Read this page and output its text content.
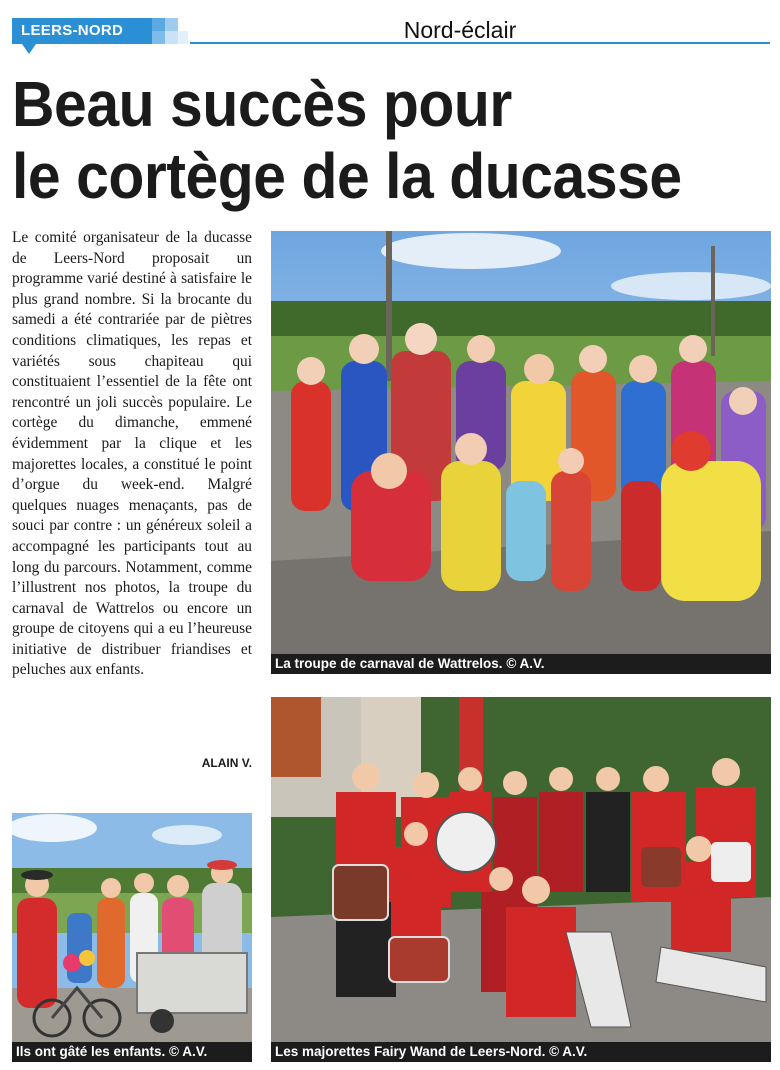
LEERS-NORD	Nord-éclair
Beau succès pour
le cortège de la ducasse

Le comité organisateur de la ducasse de Leers-Nord proposait un programme varié destiné à satisfaire le plus grand nombre. Si la brocante du samedi a été contrariée par de piètres conditions climatiques, les repas et variétés sous chapiteau qui constituaient l’essentiel de la fête ont rencontré un joli succès populaire. Le cortège du dimanche, emmené évidemment par la clique et les majorettes locales, a constitué le point d’orgue du week-end. Malgré quelques nuages menaçants, pas de souci par contre : un généreux soleil a accompagné les participants tout au long du parcours. Notamment, comme l’illustrent nos photos, la troupe du carnaval de Wattrelos ou encore un groupe de citoyens qui a eu l’heureuse initiative de distribuer friandises et peluches aux enfants.

ALAIN V.
La troupe de carnaval de Wattrelos. © A.V.
Ils ont gâté les enfants. © A.V.	Les majorettes Fairy Wand de Leers-Nord. © A.V.
